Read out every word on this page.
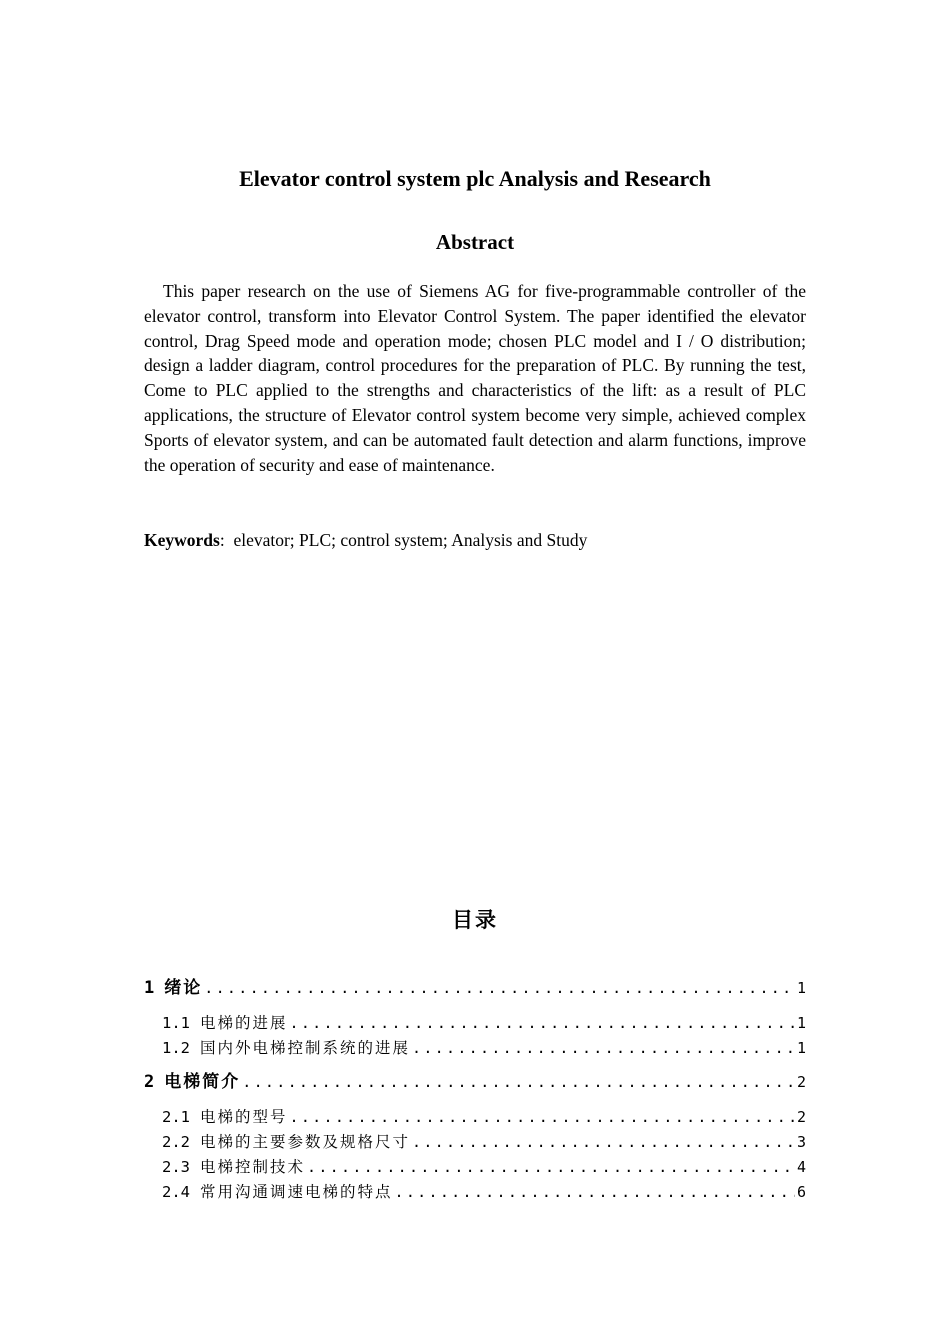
Elevator control system plc Analysis and Research
Abstract

This paper research on the use of Siemens AG for five-programmable controller of the elevator control, transform into Elevator Control System. The paper identified the elevator control, Drag Speed mode and operation mode; chosen PLC model and I / O distribution; design a ladder diagram, control procedures for the preparation of PLC. By running the test, Come to PLC applied to the strengths and characteristics of the lift: as a result of PLC applications, the structure of Elevator control system become very simple, achieved complex Sports of elevator system, and can be automated fault detection and alarm functions, improve the operation of security and ease of maintenance.

Keywords: elevator; PLC; control system; Analysis and Study
目录
1 绪论 .....	1
1.1 电梯的进展 .....	1
1.2 国内外电梯控制系统的进展 .....	1
2 电梯简介 .....	2
2.1 电梯的型号 .....	2
2.2 电梯的主要参数及规格尺寸 .....	3
2.3 电梯控制技术 .....	4
2.4 常用沟通调速电梯的特点 .....	6
